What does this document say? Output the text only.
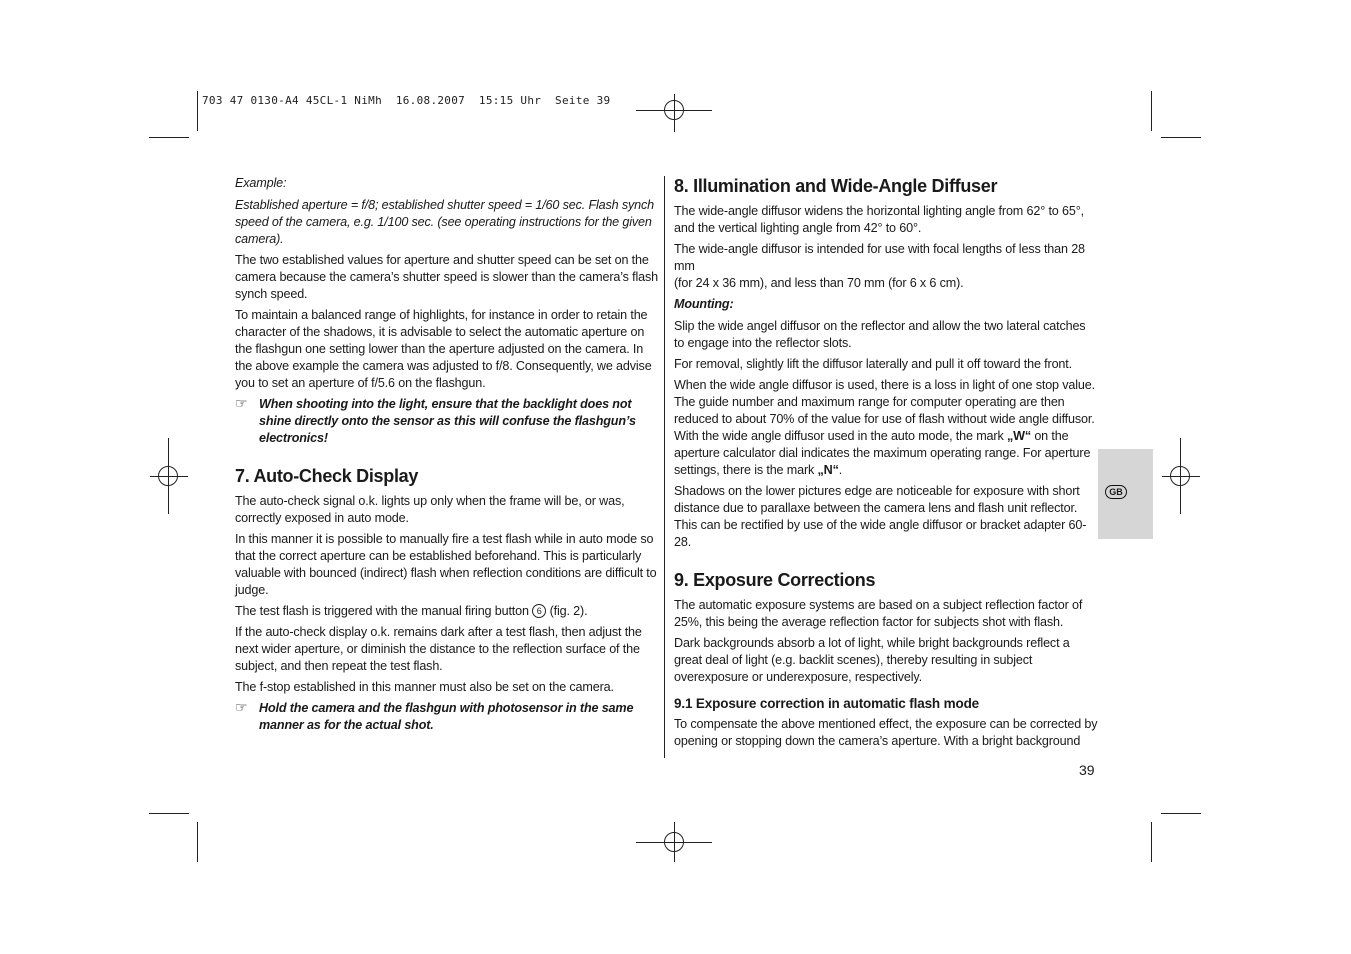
703 47 0130-A4 45CL-1 NiMh  16.08.2007  15:15 Uhr  Seite 39

Example:

Established aperture = f/8; established shutter speed = 1/60 sec. Flash synch speed of the camera, e.g. 1/100 sec. (see operating instructions for the given camera).

The two established values for aperture and shutter speed can be set on the camera because the camera’s shutter speed is slower than the camera’s flash synch speed.

To maintain a balanced range of highlights, for instance in order to retain the character of the shadows, it is advisable to select the automatic aperture on the flashgun one setting lower than the aperture adjusted on the camera. In the above example the camera was adjusted to f/8. Consequently, we advise you to set an aperture of f/5.6 on the flashgun.

☞ When shooting into the light, ensure that the backlight does not shine directly onto the sensor as this will confuse the flashgun’s electronics!
7. Auto-Check Display

The auto-check signal o.k. lights up only when the frame will be, or was, correctly exposed in auto mode.

In this manner it is possible to manually fire a test flash while in auto mode so that the correct aperture can be established beforehand. This is particularly valuable with bounced (indirect) flash when reflection conditions are difficult to judge.

The test flash is triggered with the manual firing button 6 (fig. 2).

If the auto-check display o.k. remains dark after a test flash, then adjust the next wider aperture, or diminish the distance to the reflection surface of the subject, and then repeat the test flash.

The f-stop established in this manner must also be set on the camera.

☞ Hold the camera and the flashgun with photosensor in the same manner as for the actual shot.
8. Illumination and Wide-Angle Diffuser

The wide-angle diffusor widens the horizontal lighting angle from 62° to 65°, and the vertical lighting angle from 42° to 60°.

The wide-angle diffusor is intended for use with focal lengths of less than 28 mm

(for 24 x 36 mm), and less than 70 mm (for 6 x 6 cm).

Mounting:

Slip the wide angel diffusor on the reflector and allow the two lateral catches to engage into the reflector slots.

For removal, slightly lift the diffusor laterally and pull it off toward the front.

When the wide angle diffusor is used, there is a loss in light of one stop value. The guide number and maximum range for computer operating are then reduced to about 70% of the value for use of flash without wide angle diffusor. With the wide angle diffusor used in the auto mode, the mark „W“ on the aperture calculator dial indicates the maximum operating range. For aperture settings, there is the mark „N“.

Shadows on the lower pictures edge are noticeable for exposure with short distance due to parallaxe between the camera lens and flash unit reflector. This can be rectified by use of the wide angle diffusor or bracket adapter 60-28.

9. Exposure Corrections

The automatic exposure systems are based on a subject reflection factor of 25%, this being the average reflection factor for subjects shot with flash.

Dark backgrounds absorb a lot of light, while bright backgrounds reflect a great deal of light (e.g. backlit scenes), thereby resulting in subject overexposure or underexposure, respectively.

9.1 Exposure correction in automatic flash mode

To compensate the above mentioned effect, the exposure can be corrected by opening or stopping down the camera’s aperture. With a bright background

GB
39
